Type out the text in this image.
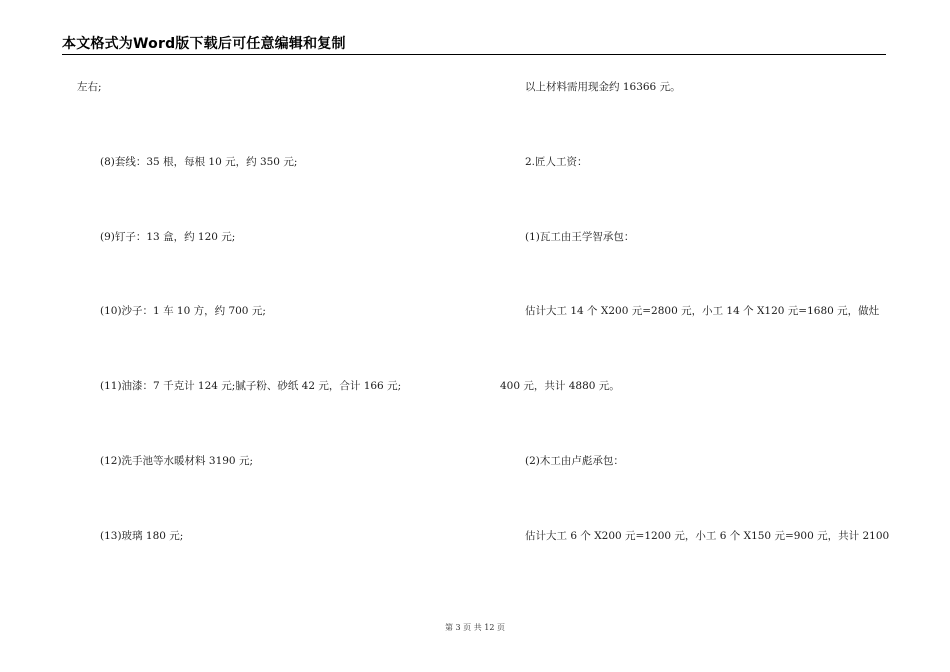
本文格式为Word版下载后可任意编辑和复制
左右;
(8)套线：35 根，每根 10 元，约 350 元;
(9)钉子：13 盒，约 120 元;
(10)沙子：1 车 10 方，约 700 元;
(11)油漆：7 千克计 124 元;腻子粉、砂纸 42 元，合计 166 元;
(12)洗手池等水暖材料 3190 元;
(13)玻璃 180 元;
以上材料需用现金约 16366 元。
2.匠人工资：
(1)瓦工由王学智承包：
估计大工 14 个 X200 元=2800 元，小工 14 个 X120 元=1680 元，做灶
400 元，共计 4880 元。
(2)木工由卢彪承包：
估计大工 6 个 X200 元=1200 元，小工 6 个 X150 元=900 元，共计 2100
第 3 页 共 12 页
